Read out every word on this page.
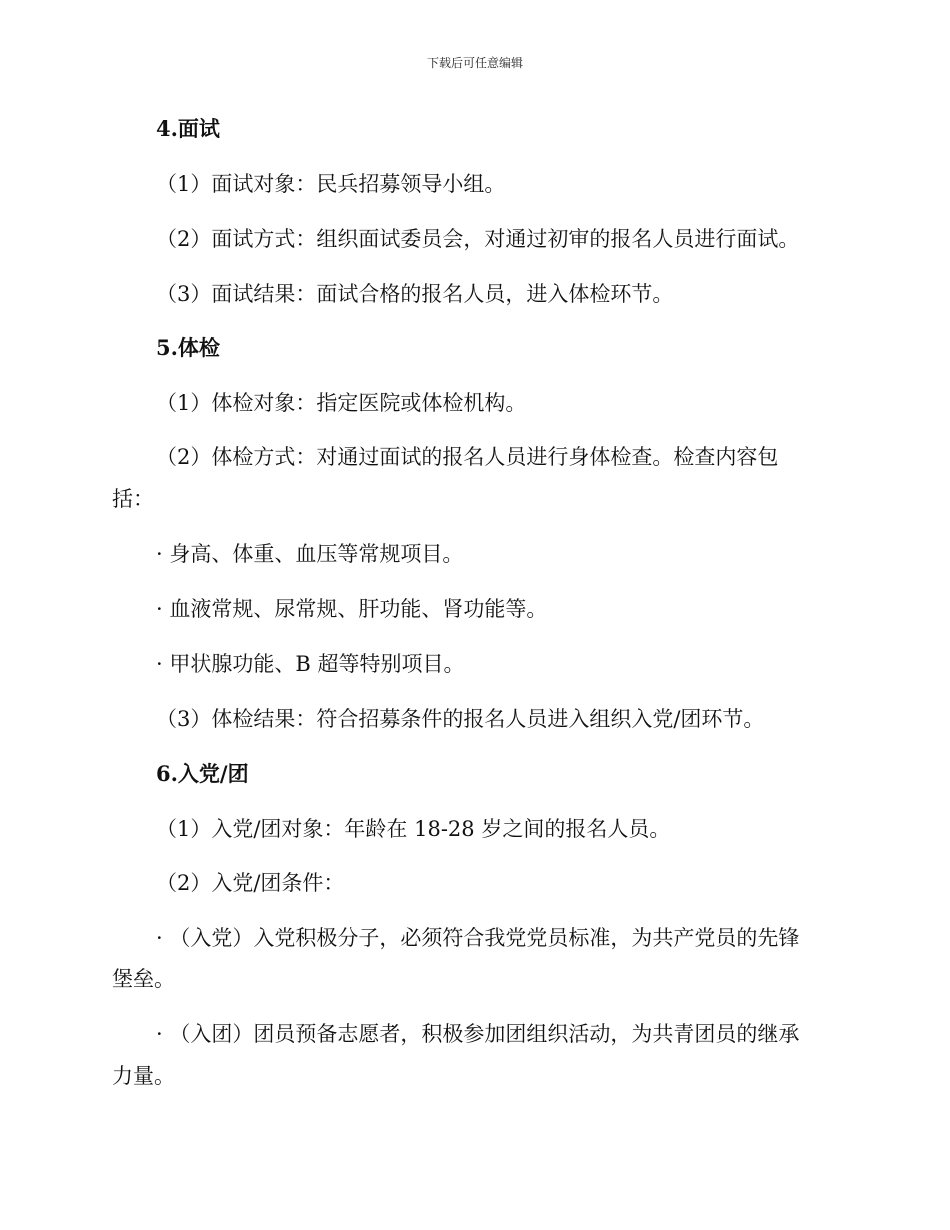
下载后可任意编辑
4.面试
（1）面试对象：民兵招募领导小组。
（2）面试方式：组织面试委员会，对通过初审的报名人员进行面试。
（3）面试结果：面试合格的报名人员，进入体检环节。
5.体检
（1）体检对象：指定医院或体检机构。
（2）体检方式：对通过面试的报名人员进行身体检查。检查内容包
括：
· 身高、体重、血压等常规项目。
· 血液常规、尿常规、肝功能、肾功能等。
· 甲状腺功能、B 超等特别项目。
（3）体检结果：符合招募条件的报名人员进入组织入党/团环节。
6.入党/团
（1）入党/团对象：年龄在 18-28 岁之间的报名人员。
（2）入党/团条件：
· （入党）入党积极分子，必须符合我党党员标准，为共产党员的先锋
堡垒。
· （入团）团员预备志愿者，积极参加团组织活动，为共青团员的继承
力量。
